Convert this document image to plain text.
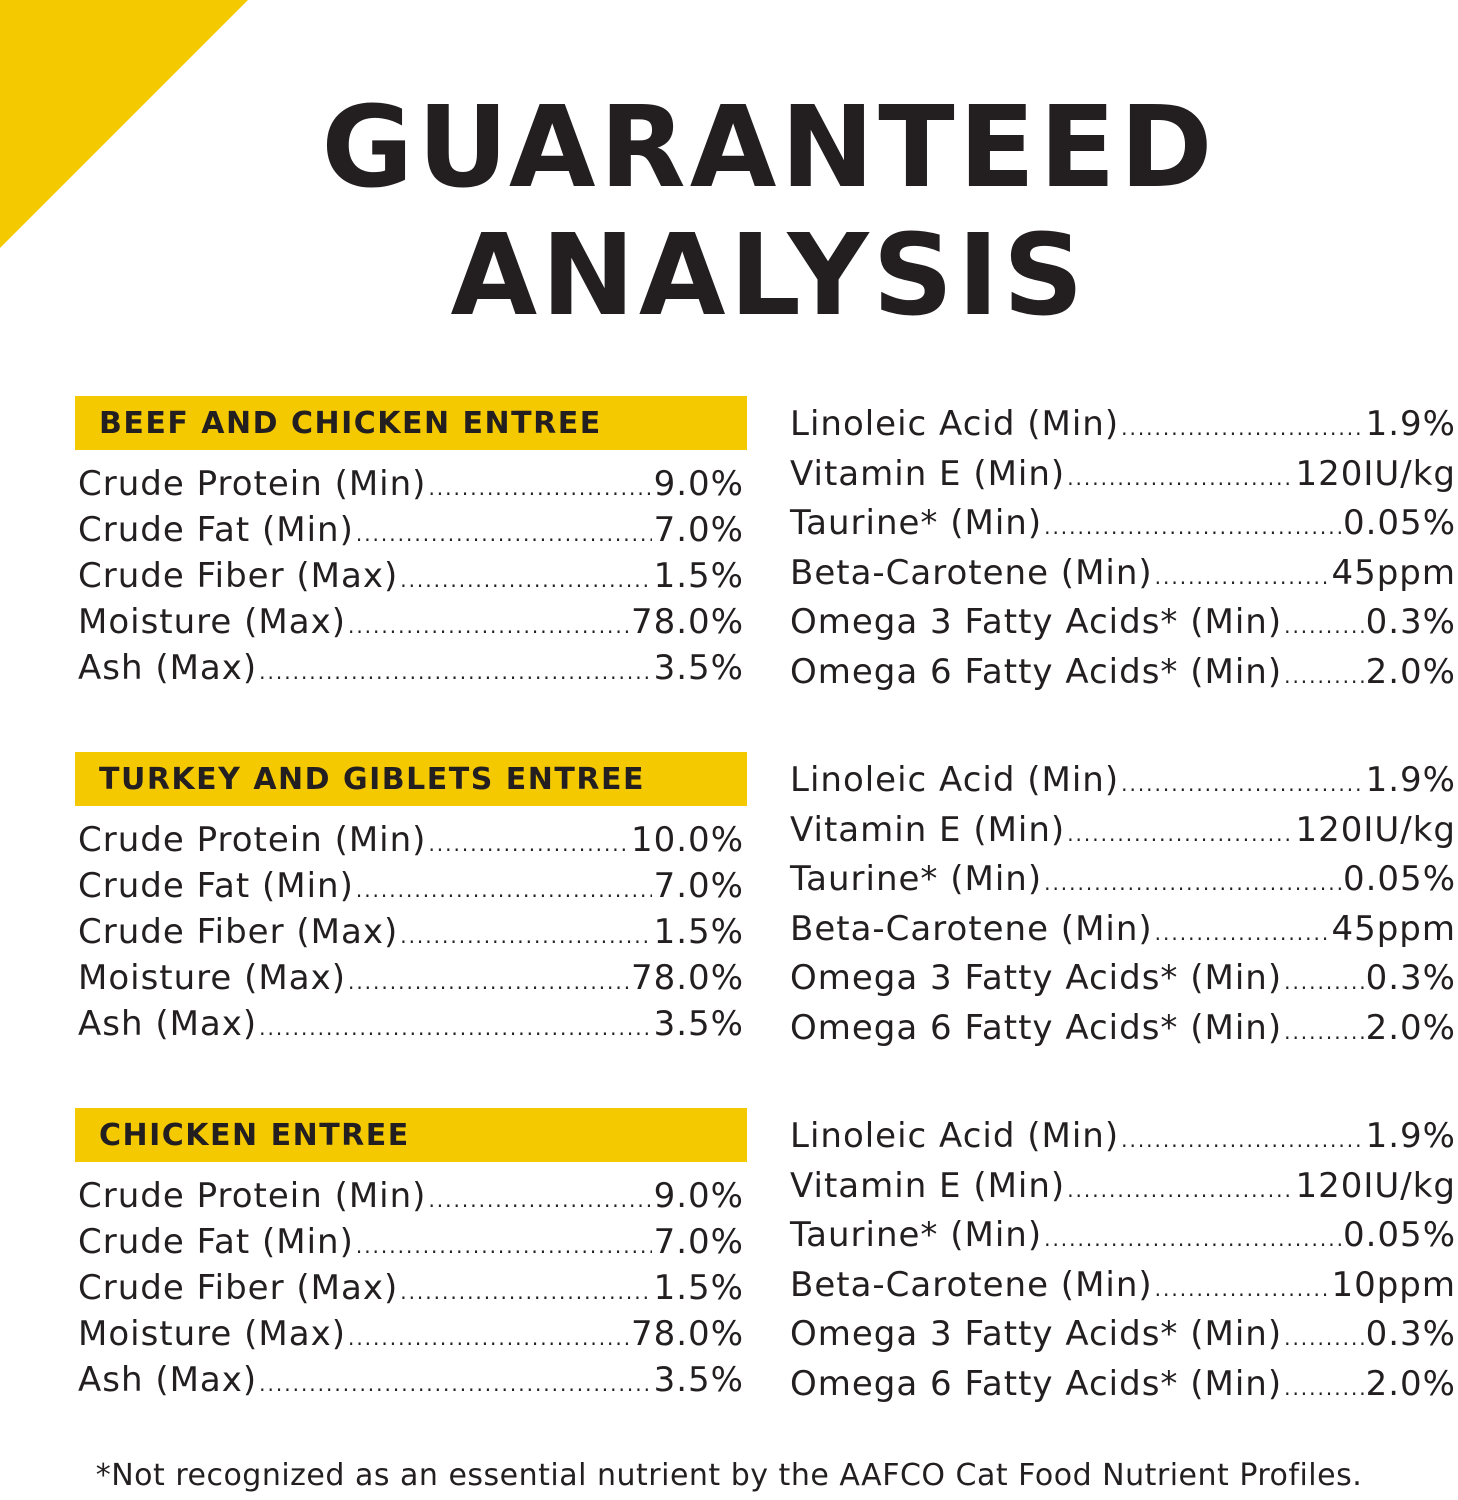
GUARANTEED
ANALYSIS
BEEF AND CHICKEN ENTREE
Crude Protein (Min) .....	9.0%
Crude Fat (Min) .....	7.0%
Crude Fiber (Max) .....	1.5%
Moisture (Max) .....	78.0%
Ash (Max) .....	3.5%
Linoleic Acid (Min) .....	1.9%
Vitamin E (Min) .....	120IU/kg
Taurine* (Min) .....	0.05%
Beta-Carotene (Min) .....	45ppm
Omega 3 Fatty Acids* (Min) ..... 0.3%
Omega 6 Fatty Acids* (Min) ..... 2.0%
TURKEY AND GIBLETS ENTREE
Crude Protein (Min) .....	10.0%
Crude Fat (Min) .....	7.0%
Crude Fiber (Max) .....	1.5%
Moisture (Max) .....	78.0%
Ash (Max) .....	3.5%
Linoleic Acid (Min) .....	1.9%
Vitamin E (Min) .....	120IU/kg
Taurine* (Min) .....	0.05%
Beta-Carotene (Min) .....	45ppm
Omega 3 Fatty Acids* (Min) ..... 0.3%
Omega 6 Fatty Acids* (Min) ..... 2.0%
CHICKEN ENTREE
Crude Protein (Min) .....	9.0%
Crude Fat (Min) .....	7.0%
Crude Fiber (Max) .....	1.5%
Moisture (Max) .....	78.0%
Ash (Max) .....	3.5%
Linoleic Acid (Min) .....	1.9%
Vitamin E (Min) .....	120IU/kg
Taurine* (Min) .....	0.05%
Beta-Carotene (Min) .....	10ppm
Omega 3 Fatty Acids* (Min) ..... 0.3%
Omega 6 Fatty Acids* (Min) ..... 2.0%
*Not recognized as an essential nutrient by the AAFCO Cat Food Nutrient Profiles.
